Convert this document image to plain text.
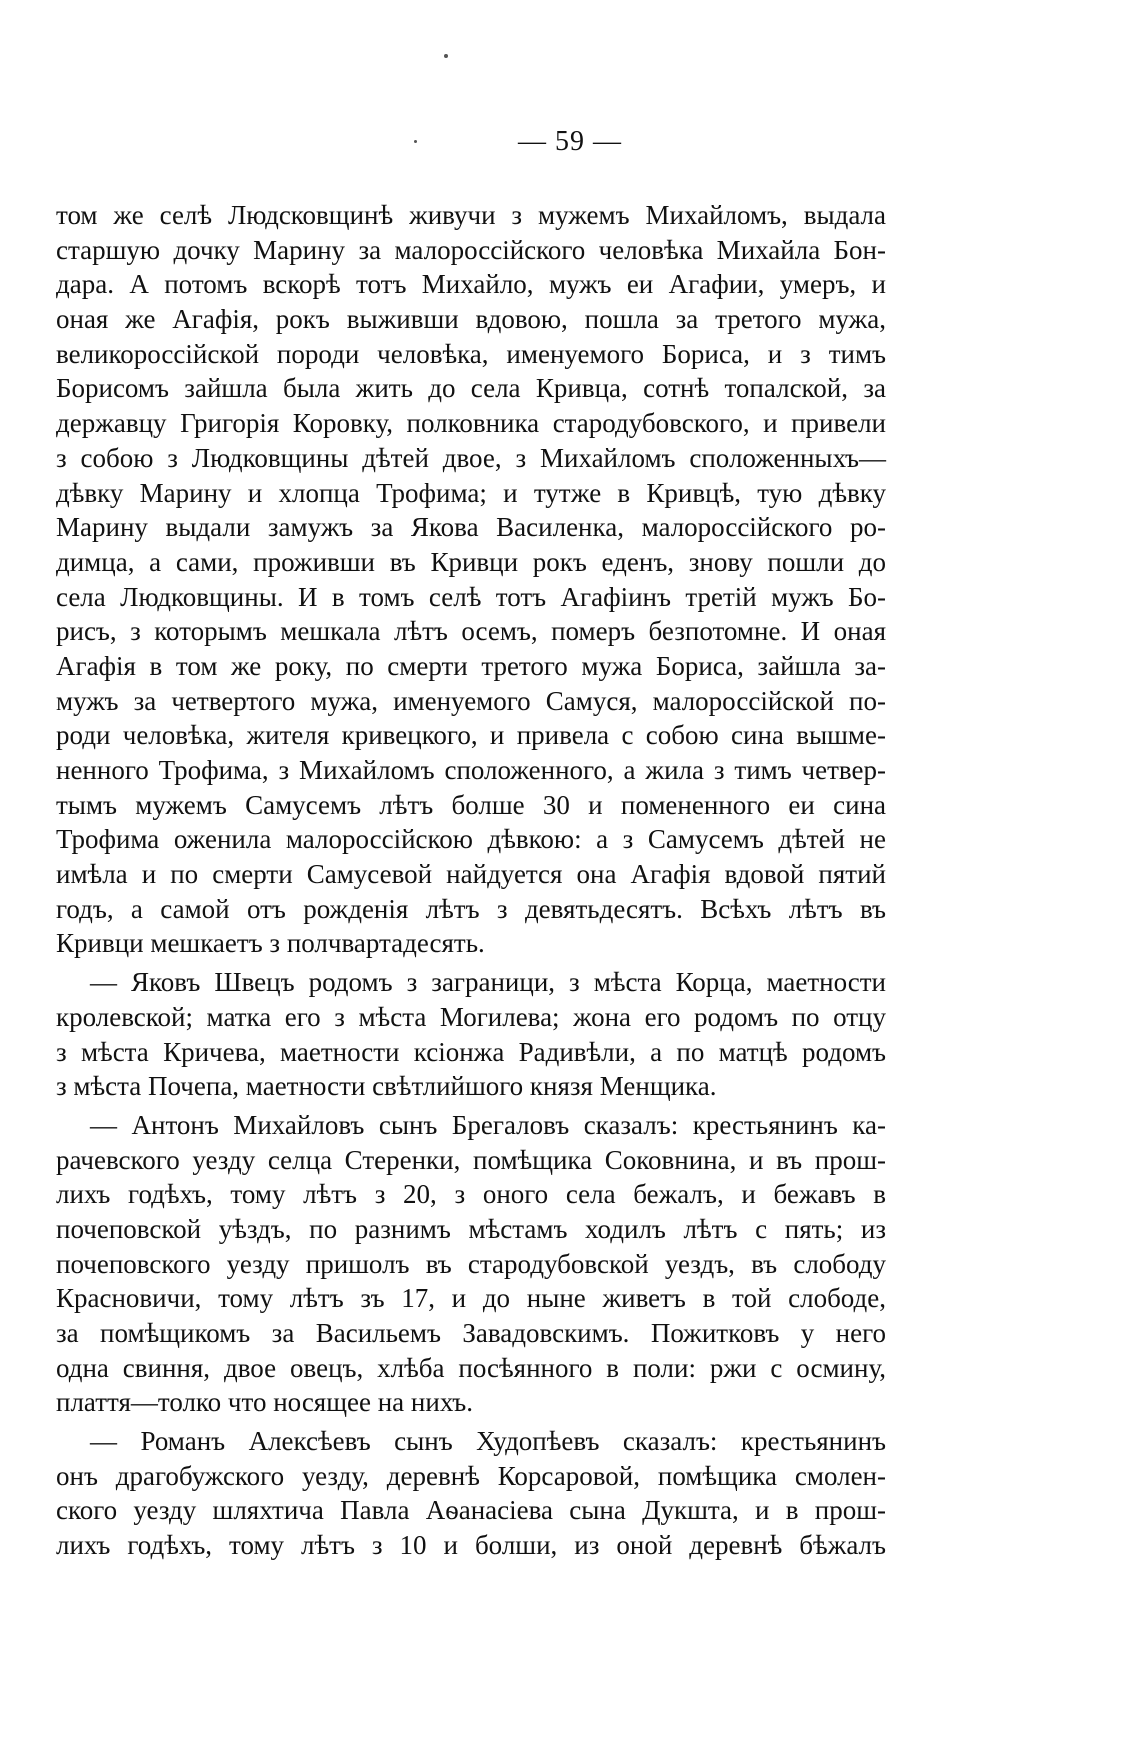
— 59 —

том же селѣ Людсковщинѣ живучи з мужемъ Михайломъ, выдала
старшую дочку Марину за малороссійского человѣка Михайла Бон-
дара. А потомъ вскорѣ тотъ Михайло, мужъ еи Агафии, умеръ, и
оная же Агафія, рокъ выживши вдовою, пошла за третого мужа,
великороссійской породи человѣка, именуемого Бориса, и з тимъ
Борисомъ зайшла была жить до села Кривца, сотнѣ топалской, за
державцу Григорія Коровку, полковника стародубовского, и привели
з собою з Людковщины дѣтей двое, з Михайломъ сположенныхъ—
дѣвку Марину и хлопца Трофима; и тутже в Кривцѣ, тую дѣвку
Марину выдали замужъ за Якова Василенка, малороссійского ро-
димца, а сами, проживши въ Кривци рокъ еденъ, знову пошли до
села Людковщины. И в томъ селѣ тотъ Агафіинъ третій мужъ Бо-
рисъ, з которымъ мешкала лѣтъ осемъ, померъ безпотомне. И оная
Агафія в том же року, по смерти третого мужа Бориса, зайшла за-
мужъ за четвертого мужа, именуемого Самуся, малороссійской по-
роди человѣка, жителя кривецкого, и привела с собою сина вышме-
ненного Трофима, з Михайломъ сположенного, а жила з тимъ четвер-
тымъ мужемъ Самусемъ лѣтъ болше 30 и помененного еи сина
Трофима оженила малороссійскою дѣвкою: а з Самусемъ дѣтей не
имѣла и по смерти Самусевой найдуется она Агафія вдовой пятий
годъ, а самой отъ рожденія лѣтъ з девятьдесятъ. Всѣхъ лѣтъ въ
Кривци мешкаетъ з полчвартадесять.
— Яковъ Швецъ родомъ з заграници, з мѣста Корца, маетности
кролевской; матка его з мѣста Могилева; жона его родомъ по отцу
з мѣста Кричева, маетности ксіонжа Радивѣли, а по матцѣ родомъ
з мѣста Почепа, маетности свѣтлийшого князя Менщика.
— Антонъ Михайловъ сынъ Брегаловъ сказалъ: крестьянинъ ка-
рачевского уезду селца Стеренки, помѣщика Соковнина, и въ прош-
лихъ годѣхъ, тому лѣтъ з 20, з оного села бежалъ, и бежавъ в
почеповской уѣздъ, по разнимъ мѣстамъ ходилъ лѣтъ с пять; из
почеповского уезду пришолъ въ стародубовской уездъ, въ слободу
Красновичи, тому лѣтъ зъ 17, и до нынe живетъ в той слободе,
за помѣщикомъ за Васильемъ Завадовскимъ. Пожитковъ у него
одна свиння, двое овецъ, хлѣба посѣянного в поли: ржи с осмину,
плаття—толко что носящее на нихъ.
— Романъ Алексѣевъ сынъ Худопѣевъ сказалъ: крестьянинъ
онъ драгобужского уезду, деревнѣ Корсаровой, помѣщика смолен-
ского уезду шляхтича Павла Аѳанасіева сына Дукшта, и в прош-
лихъ годѣхъ, тому лѣтъ з 10 и болши, из оной деревнѣ бѣжалъ
